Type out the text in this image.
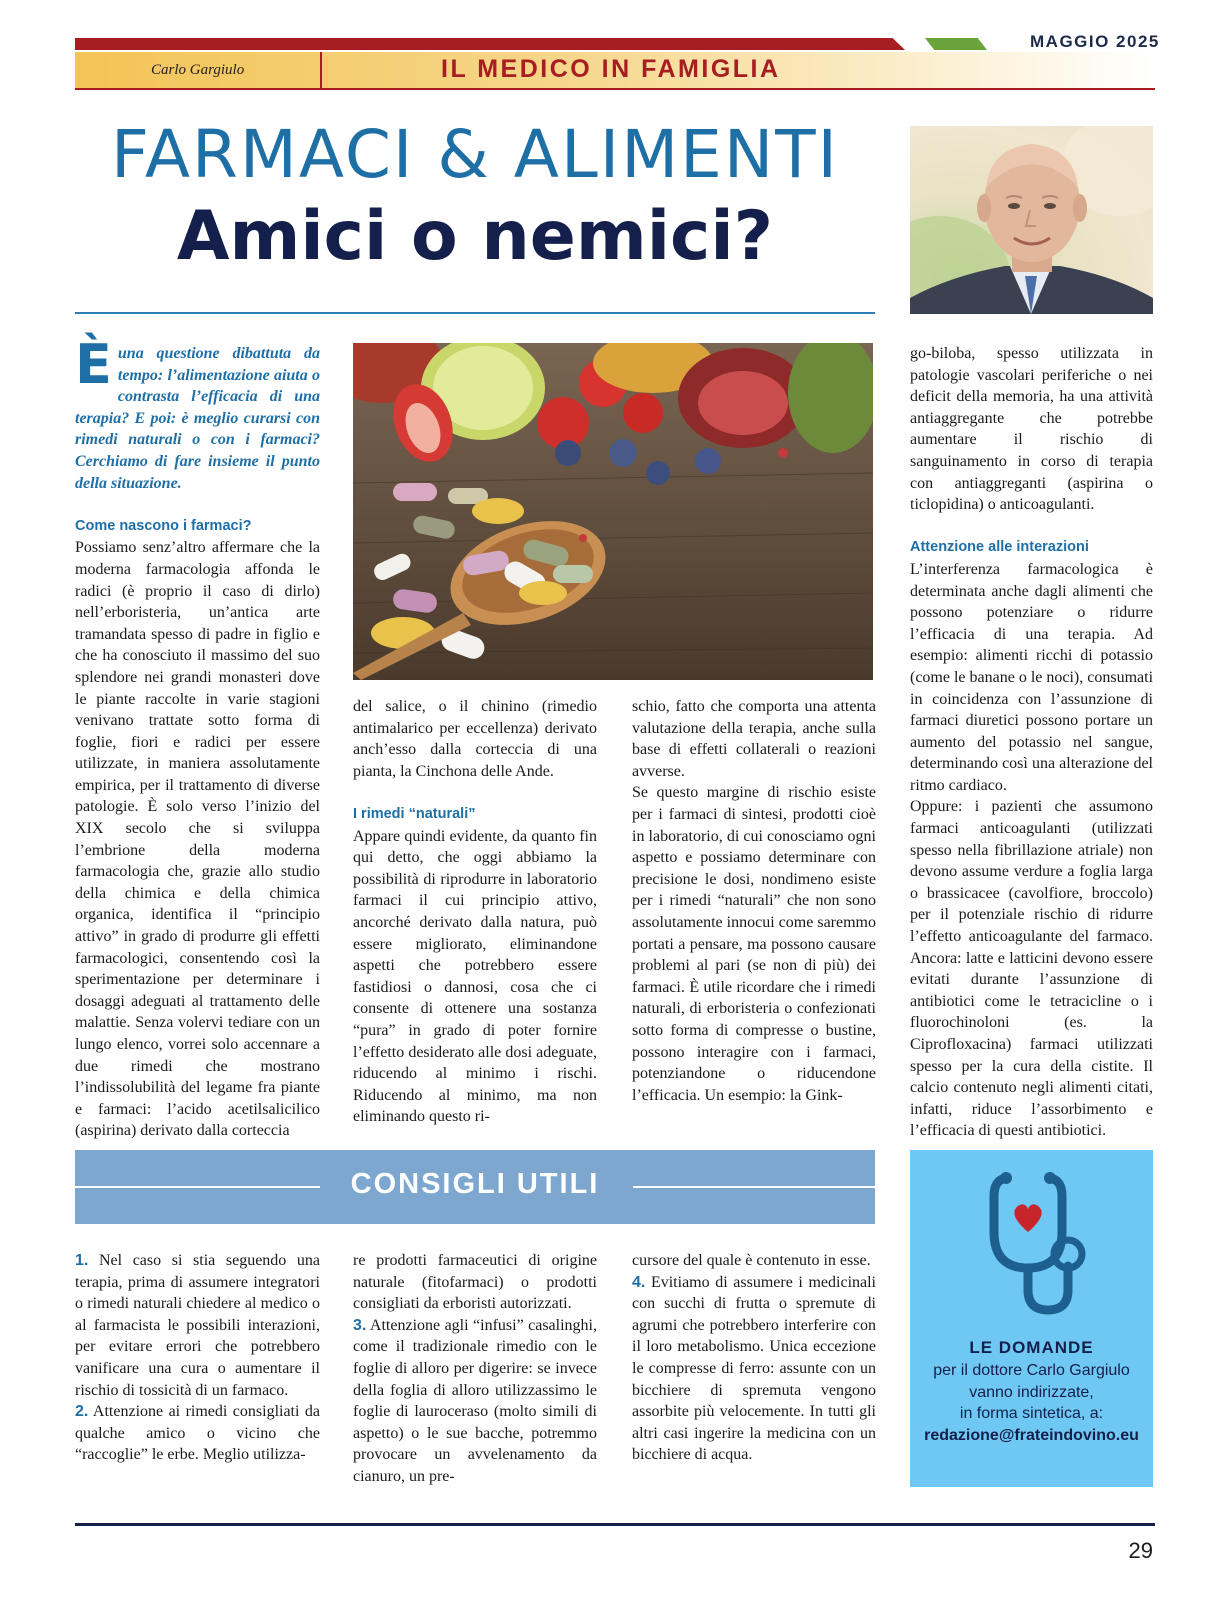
MAGGIO 2025
Carlo Gargiulo	IL MEDICO IN FAMIGLIA
FARMACI & ALIMENTI
Amici o nemici?

Èuna questione dibattuta da tempo: l’alimentazione aiuta o contrasta l’efficacia di una terapia? E poi: è meglio curarsi con rimedi naturali o con i farmaci? Cerchiamo di fare insieme il punto della situazione.

Come nascono i farmaci?

Possiamo senz’altro affermare che la moderna farmacologia affonda le radici (è proprio il caso di dirlo) nell’erboristeria, un’antica arte tramandata spesso di padre in figlio e che ha conosciuto il massimo del suo splendore nei grandi monasteri dove le piante raccolte in varie stagioni venivano trattate sotto forma di foglie, fiori e radici per essere utilizzate, in maniera assolutamente empirica, per il trattamento di diverse patologie. È solo verso l’inizio del XIX secolo che si sviluppa l’embrione della moderna farmacologia che, grazie allo studio della chimica e della chimica organica, identifica il “principio attivo” in grado di produrre gli effetti farmacologici, consentendo così la sperimentazione per determinare i dosaggi adeguati al trattamento delle malattie. Senza volervi tediare con un lungo elenco, vorrei solo accennare a due rimedi che mostrano l’indissolubilità del legame fra piante e farmaci: l’acido acetilsalicilico (aspirina) derivato dalla corteccia

del salice, o il chinino (rimedio antimalarico per eccellenza) derivato anch’esso dalla corteccia di una pianta, la Cinchona delle Ande.

I rimedi “naturali”

Appare quindi evidente, da quanto fin qui detto, che oggi abbiamo la possibilità di riprodurre in laboratorio farmaci il cui principio attivo, ancorché derivato dalla natura, può essere migliorato, eliminandone aspetti che potrebbero essere fastidiosi o dannosi, cosa che ci consente di ottenere una sostanza “pura” in grado di poter fornire l’effetto desiderato alle dosi adeguate, riducendo al minimo i rischi. Riducendo al minimo, ma non eliminando questo ri-

schio, fatto che comporta una attenta valutazione della terapia, anche sulla base di effetti collaterali o reazioni avverse.

Se questo margine di rischio esiste per i farmaci di sintesi, prodotti cioè in laboratorio, di cui conosciamo ogni aspetto e possiamo determinare con precisione le dosi, nondimeno esiste per i rimedi “naturali” che non sono assolutamente innocui come saremmo portati a pensare, ma possono causare problemi al pari (se non di più) dei farmaci. È utile ricordare che i rimedi naturali, di erboristeria o confezionati sotto forma di compresse o bustine, possono interagire con i farmaci, potenziandone o riducendone l’efficacia. Un esempio: la Gink-

go-biloba, spesso utilizzata in patologie vascolari periferiche o nei deficit della memoria, ha una attività antiaggregante che potrebbe aumentare il rischio di sanguinamento in corso di terapia con antiaggreganti (aspirina o ticlopidina) o anticoagulanti.

Attenzione alle interazioni

L’interferenza farmacologica è determinata anche dagli alimenti che possono potenziare o ridurre l’efficacia di una terapia. Ad esempio: alimenti ricchi di potassio (come le banane o le noci), consumati in coincidenza con l’assunzione di farmaci diuretici possono portare un aumento del potassio nel sangue, determinando così una alterazione del ritmo cardiaco.

Oppure: i pazienti che assumono farmaci anticoagulanti (utilizzati spesso nella fibrillazione atriale) non devono assume verdure a foglia larga o brassicacee (cavolfiore, broccolo) per il potenziale rischio di ridurre l’effetto anticoagulante del farmaco. Ancora: latte e latticini devono essere evitati durante l’assunzione di antibiotici come le tetracicline o i fluorochinoloni (es. la Ciprofloxacina) farmaci utilizzati spesso per la cura della cistite. Il calcio contenuto negli alimenti citati, infatti, riduce l’assorbimento e l’efficacia di questi antibiotici.

CONSIGLI UTILI

1. Nel caso si stia seguendo una terapia, prima di assumere integratori o rimedi naturali chiedere al medico o al farmacista le possibili interazioni, per evitare errori che potrebbero vanificare una cura o aumentare il rischio di tossicità di un farmaco.

2. Attenzione ai rimedi consigliati da qualche amico o vicino che “raccoglie” le erbe. Meglio utilizza-

re prodotti farmaceutici di origine naturale (fitofarmaci) o prodotti consigliati da erboristi autorizzati.

3. Attenzione agli “infusi” casalinghi, come il tradizionale rimedio con le foglie di alloro per digerire: se invece della foglia di alloro utilizzassimo le foglie di lauroceraso (molto simili di aspetto) o le sue bacche, potremmo provocare un avvelenamento da cianuro, un pre-

cursore del quale è contenuto in esse.

4. Evitiamo di assumere i medicinali con succhi di frutta o spremute di agrumi che potrebbero interferire con il loro metabolismo. Unica eccezione le compresse di ferro: assunte con un bicchiere di spremuta vengono assorbite più velocemente. In tutti gli altri casi ingerire la medicina con un bicchiere di acqua.

LE DOMANDE
per il dottore Carlo Gargiulo
vanno indirizzate,
in forma sintetica, a:
redazione@frateindovino.eu
29
